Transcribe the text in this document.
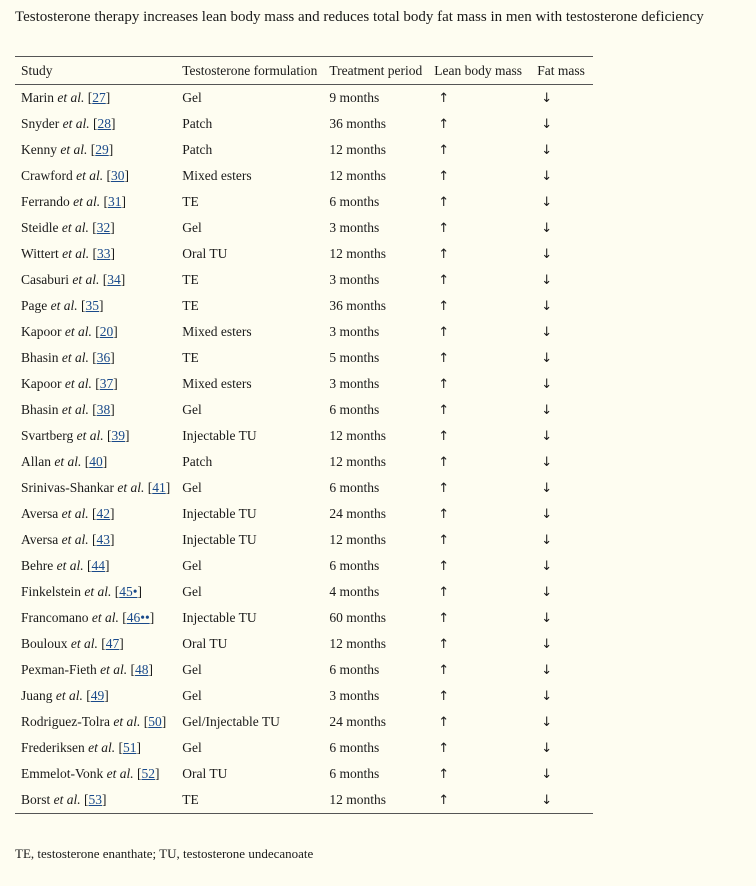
Testosterone therapy increases lean body mass and reduces total body fat mass in men with testosterone deficiency
Study	Testosterone formulation	Treatment period	Lean body mass	Fat mass
Marin et al. [27]	Gel	9 months	↑	↓
Snyder et al. [28]	Patch	36 months	↑	↓
Kenny et al. [29]	Patch	12 months	↑	↓
Crawford et al. [30]	Mixed esters	12 months	↑	↓
Ferrando et al. [31]	TE	6 months	↑	↓
Steidle et al. [32]	Gel	3 months	↑	↓
Wittert et al. [33]	Oral TU	12 months	↑	↓
Casaburi et al. [34]	TE	3 months	↑	↓
Page et al. [35]	TE	36 months	↑	↓
Kapoor et al. [20]	Mixed esters	3 months	↑	↓
Bhasin et al. [36]	TE	5 months	↑	↓
Kapoor et al. [37]	Mixed esters	3 months	↑	↓
Bhasin et al. [38]	Gel	6 months	↑	↓
Svartberg et al. [39]	Injectable TU	12 months	↑	↓
Allan et al. [40]	Patch	12 months	↑	↓
Srinivas-Shankar et al. [41]	Gel	6 months	↑	↓
Aversa et al. [42]	Injectable TU	24 months	↑	↓
Aversa et al. [43]	Injectable TU	12 months	↑	↓
Behre et al. [44]	Gel	6 months	↑	↓
Finkelstein et al. [45•]	Gel	4 months	↑	↓
Francomano et al. [46••]	Injectable TU	60 months	↑	↓
Bouloux et al. [47]	Oral TU	12 months	↑	↓
Pexman-Fieth et al. [48]	Gel	6 months	↑	↓
Juang et al. [49]	Gel	3 months	↑	↓
Rodriguez-Tolra et al. [50]	Gel/Injectable TU	24 months	↑	↓
Frederiksen et al. [51]	Gel	6 months	↑	↓
Emmelot-Vonk et al. [52]	Oral TU	6 months	↑	↓
Borst et al. [53]	TE	12 months	↑	↓
TE, testosterone enanthate; TU, testosterone undecanoate
